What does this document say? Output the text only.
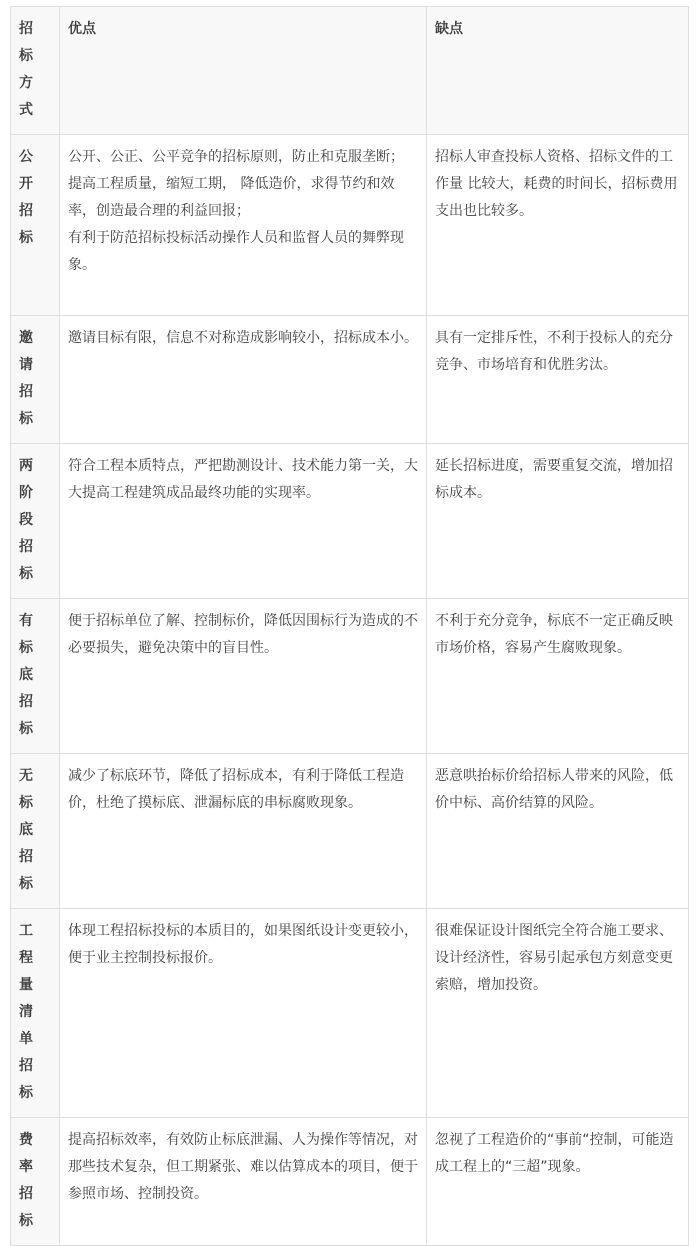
招标方式	优点	缺点

公开招标	公开、公正、公平竞争的招标原则，防止和克服垄断；
提高工程质量，缩短工期， 降低造价，求得节约和效率，创造最合理的利益回报；
有利于防范招标投标活动操作人员和监督人员的舞弊现象。	招标人审查投标人资格、招标文件的工作量 比较大，耗费的时间长，招标费用支出也比较多。

邀请招标	邀请目标有限，信息不对称造成影响较小，招标成本小。	具有一定排斥性，不利于投标人的充分竞争、市场培育和优胜劣汰。

两阶段招标	符合工程本质特点，严把勘测设计、技术能力第一关，大大提高工程建筑成品最终功能的实现率。	延长招标进度，需要重复交流，增加招标成本。

有标底招标	便于招标单位了解、控制标价，降低因围标行为造成的不必要损失，避免决策中的盲目性。	不利于充分竞争，标底不一定正确反映市场价格，容易产生腐败现象。

无标底招标	减少了标底环节，降低了招标成本，有利于降低工程造价，杜绝了摸标底、泄漏标底的串标腐败现象。	恶意哄抬标价给招标人带来的风险，低价中标、高价结算的风险。

工程量清单招标	体现工程招标投标的本质目的，如果图纸设计变更较小，便于业主控制投标报价。	很难保证设计图纸完全符合施工要求、设计经济性，容易引起承包方刻意变更索赔，增加投资。

费率招标	提高招标效率，有效防止标底泄漏、人为操作等情况，对那些技术复杂，但工期紧张、难以估算成本的项目，便于参照市场、控制投资。	忽视了工程造价的“事前“控制，可能造成工程上的“三超”现象。
